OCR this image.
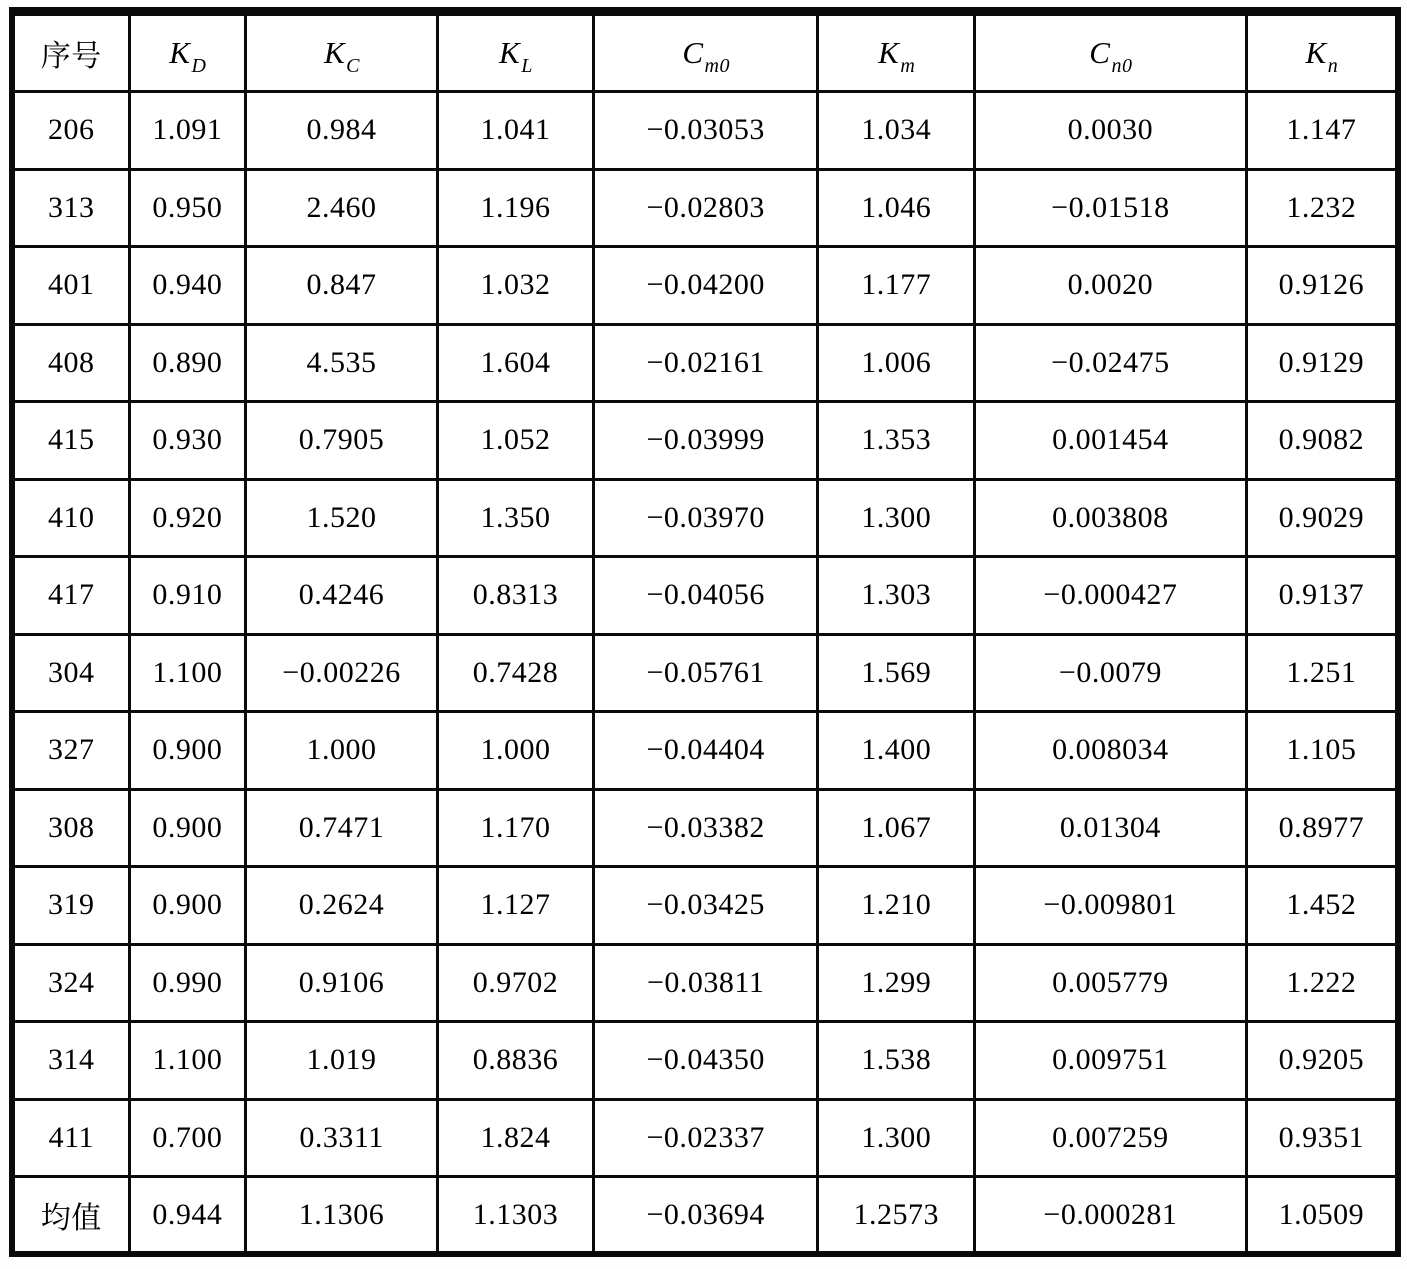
序号	$K_D$	$K_C$	$K_L$	$C_{m0}$	$K_m$	$C_{n0}$	$K_n$
206	1.091	0.984	1.041	−0.03053	1.034	0.0030	1.147
313	0.950	2.460	1.196	−0.02803	1.046	−0.01518	1.232
401	0.940	0.847	1.032	−0.04200	1.177	0.0020	0.9126
408	0.890	4.535	1.604	−0.02161	1.006	−0.02475	0.9129
415	0.930	0.7905	1.052	−0.03999	1.353	0.001454	0.9082
410	0.920	1.520	1.350	−0.03970	1.300	0.003808	0.9029
417	0.910	0.4246	0.8313	−0.04056	1.303	−0.000427	0.9137
304	1.100	−0.00226	0.7428	−0.05761	1.569	−0.0079	1.251
327	0.900	1.000	1.000	−0.04404	1.400	0.008034	1.105
308	0.900	0.7471	1.170	−0.03382	1.067	0.01304	0.8977
319	0.900	0.2624	1.127	−0.03425	1.210	−0.009801	1.452
324	0.990	0.9106	0.9702	−0.03811	1.299	0.005779	1.222
314	1.100	1.019	0.8836	−0.04350	1.538	0.009751	0.9205
411	0.700	0.3311	1.824	−0.02337	1.300	0.007259	0.9351
均值	0.944	1.1306	1.1303	−0.03694	1.2573	−0.000281	1.0509
